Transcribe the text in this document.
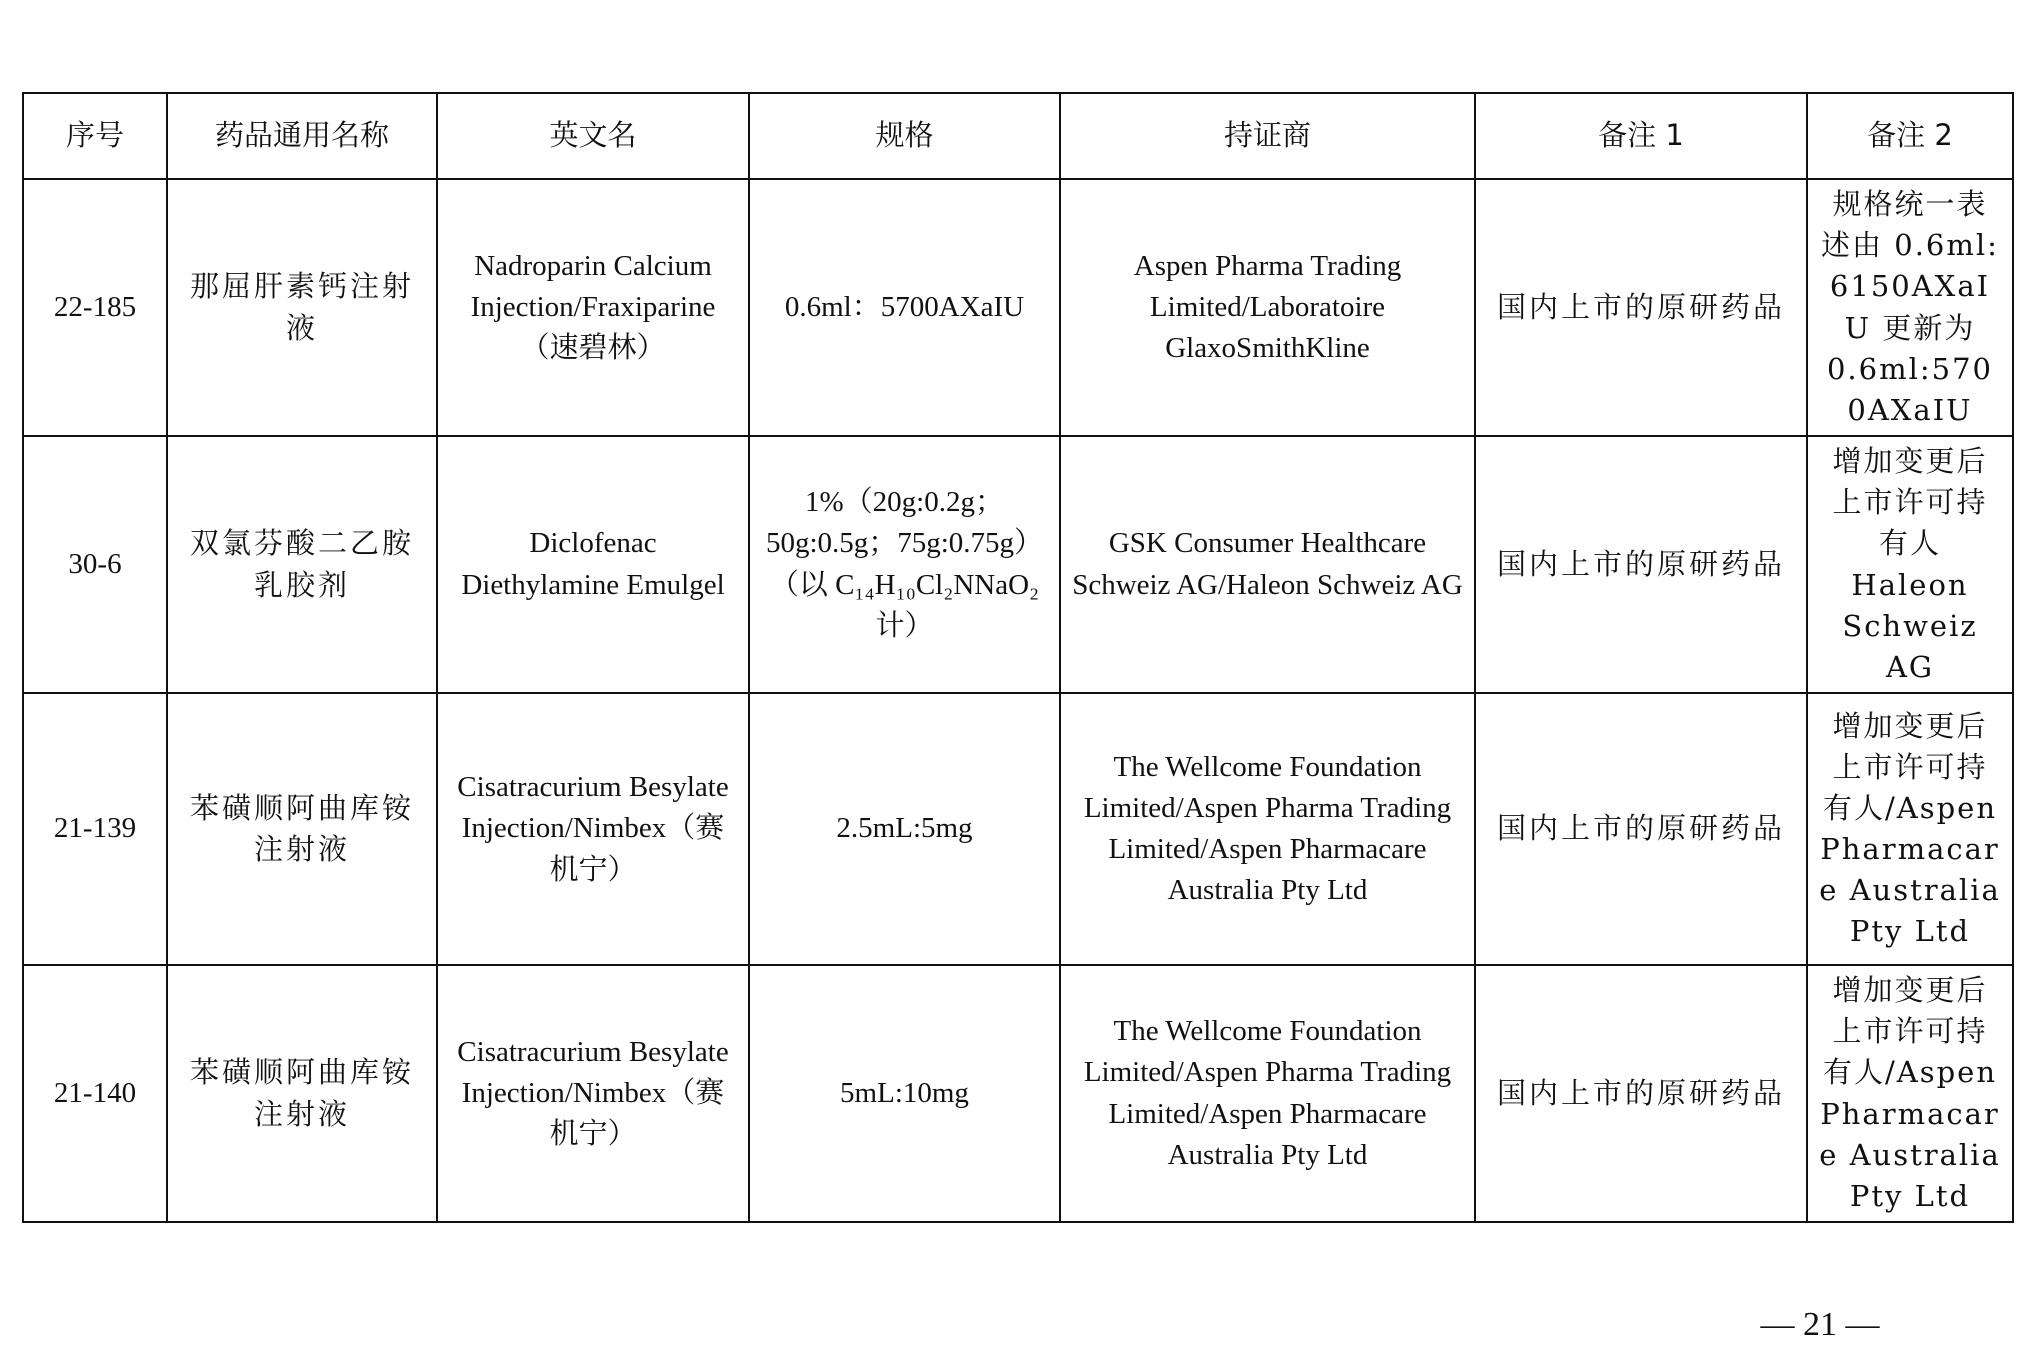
序号	药品通用名称	英文名	规格	持证商	备注 1	备注 2
22-185	那屈肝素钙注射液	Nadroparin Calcium Injection/Fraxiparine（速碧林）	0.6ml：5700AXaIU	Aspen Pharma Trading Limited/Laboratoire GlaxoSmithKline	国内上市的原研药品	规格统一表述由 0.6ml: 6150AXaIU 更新为 0.6ml:5700AXaIU
30-6	双氯芬酸二乙胺乳胶剂	Diclofenac Diethylamine Emulgel	1%（20g:0.2g；50g:0.5g；75g:0.75g）（以 C₁₄H₁₀Cl₂NNaO₂ 计）	GSK Consumer Healthcare Schweiz AG/Haleon Schweiz AG	国内上市的原研药品	增加变更后上市许可持有人 Haleon Schweiz AG
21-139	苯磺顺阿曲库铵注射液	Cisatracurium Besylate Injection/Nimbex（赛机宁）	2.5mL:5mg	The Wellcome Foundation Limited/Aspen Pharma Trading Limited/Aspen Pharmacare Australia Pty Ltd	国内上市的原研药品	增加变更后上市许可持有人/Aspen Pharmacare Australia Pty Ltd
21-140	苯磺顺阿曲库铵注射液	Cisatracurium Besylate Injection/Nimbex（赛机宁）	5mL:10mg	The Wellcome Foundation Limited/Aspen Pharma Trading Limited/Aspen Pharmacare Australia Pty Ltd	国内上市的原研药品	增加变更后上市许可持有人/Aspen Pharmacare Australia Pty Ltd
— 21 —
